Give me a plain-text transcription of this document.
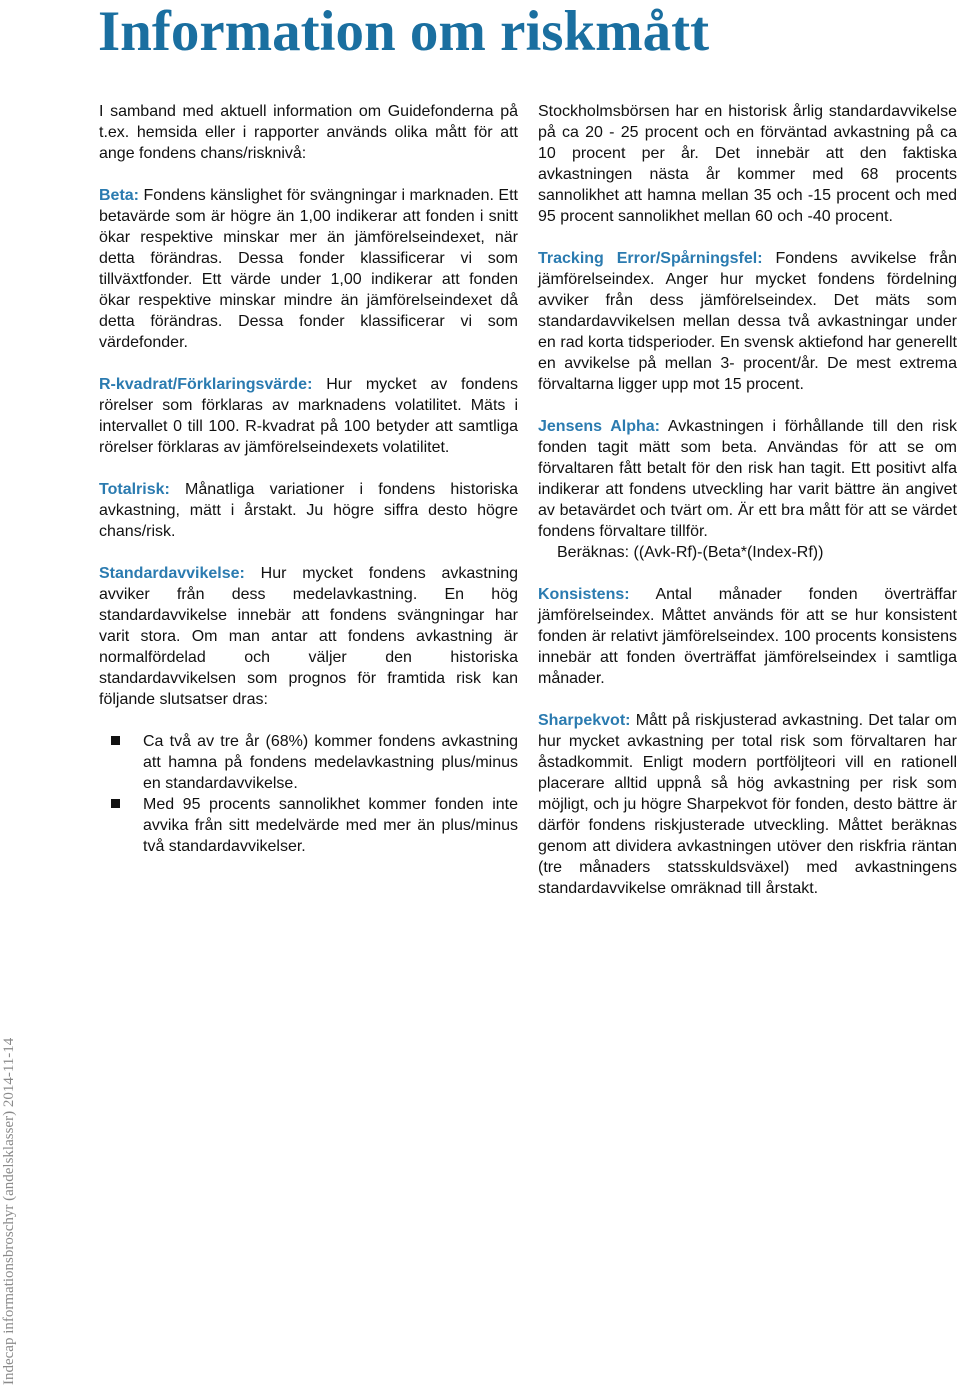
Information om riskmått

I samband med aktuell information om Guidefonderna på t.ex. hemsida eller i rapporter används olika mått för att ange fondens chans/risknivå:

Beta: Fondens känslighet för svängningar i marknaden. Ett betavärde som är högre än 1,00 indikerar att fonden i snitt ökar respektive minskar mer än jämförelseindexet, när detta förändras. Dessa fonder klassificerar vi som tillväxtfonder. Ett värde under 1,00 indikerar att fonden ökar respektive minskar mindre än jämförelseindexet då detta förändras. Dessa fonder klassificerar vi som värdefonder.

R-kvadrat/Förklaringsvärde: Hur mycket av fondens rörelser som förklaras av marknadens volatilitet. Mäts i intervallet 0 till 100. R-kvadrat på 100 betyder att samtliga rörelser förklaras av jämförelseindexets volatilitet.

Totalrisk: Månatliga variationer i fondens historiska avkastning, mätt i årstakt. Ju högre siffra desto högre chans/risk.

Standardavvikelse: Hur mycket fondens avkastning avviker från dess medelavkastning. En hög standardavvikelse innebär att fondens svängningar har varit stora. Om man antar att fondens avkastning är normalfördelad och väljer den historiska standardavvikelsen som prognos för framtida risk kan följande slutsatser dras:

Ca två av tre år (68%) kommer fondens avkastning att hamna på fondens medelavkastning plus/minus en standardavvikelse.
Med 95 procents sannolikhet kommer fonden inte avvika från sitt medelvärde med mer än plus/minus två standardavvikelser.

Stockholmsbörsen har en historisk årlig standardavvikelse på ca 20 - 25 procent och en förväntad avkastning på ca 10 procent per år. Det innebär att den faktiska avkastningen nästa år kommer med 68 procents sannolikhet att hamna mellan 35 och -15 procent och med 95 procent sannolikhet mellan 60 och -40 procent.

Tracking Error/Spårningsfel: Fondens avvikelse från jämförelseindex. Anger hur mycket fondens fördelning avviker från dess jämförelseindex. Det mäts som standardavvikelsen mellan dessa två avkastningar under en rad korta tidsperioder. En svensk aktiefond har generellt en avvikelse på mellan 3- procent/år. De mest extrema förvaltarna ligger upp mot 15 procent.

Jensens Alpha: Avkastningen i förhållande till den risk fonden tagit mätt som beta. Användas för att se om förvaltaren fått betalt för den risk han tagit. Ett positivt alfa indikerar att fondens utveckling har varit bättre än angivet av betavärdet och tvärt om. Är ett bra mått för att se värdet fondens förvaltare tillför.

Beräknas: ((Avk-Rf)-(Beta*(Index-Rf))

Konsistens: Antal månader fonden överträffar jämförelseindex. Måttet används för att se hur konsistent fonden är relativt jämförelseindex. 100 procents konsistens innebär att fonden överträffat jämförelseindex i samtliga månader.

Sharpekvot: Mått på riskjusterad avkastning. Det talar om hur mycket avkastning per total risk som förvaltaren har åstadkommit. Enligt modern portföljteori vill en rationell placerare alltid uppnå så hög avkastning per risk som möjligt, och ju högre Sharpekvot för fonden, desto bättre är därför fondens riskjusterade utveckling. Måttet beräknas genom att dividera avkastningen utöver den riskfria räntan (tre månaders statsskuldsväxel) med avkastningens standardavvikelse omräknad till årstakt.

Indecap informationsbroschyr (andelsklasser) 2014-11-14
